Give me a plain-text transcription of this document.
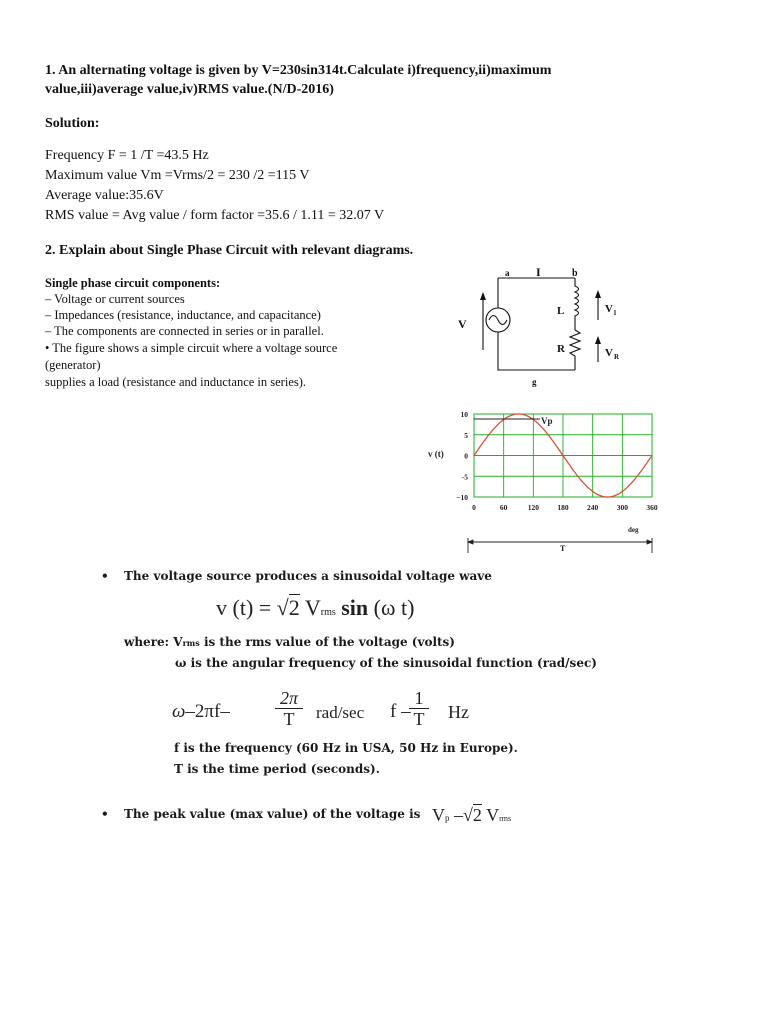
1. An alternating voltage is given by V=230sin314t.Calculate i)frequency,ii)maximum
value,iii)average value,iv)RMS value.(N/D-2016)
Solution:
Frequency F = 1 /T =43.5 Hz
Maximum value Vm =Vrms/2 = 230 /2 =115 V
Average value:35.6V
RMS value = Avg value / form factor =35.6 / 1.11 = 32.07 V
2. Explain about Single Phase Circuit with relevant diagrams.
Single phase circuit components:
– Voltage or current sources
– Impedances (resistance, inductance, and capacitance)
– The components are connected in series or in parallel.
• The figure shows a simple circuit where a voltage source
(generator)
supplies a load (resistance and inductance in series).
a I	b
V
L
R
V l
V R
g
10
5
0
-5
−10
0	60	120 180 240 300 360
v (t)
Vp
deg
T
• The voltage source produces a sinusoidal voltage wave
v (t) = √2 Vrms sin (ω t)
where: Vrms is the rms value of the voltage (volts)
ω is the angular frequency of the sinusoidal function (rad/sec)
ω–2πf–
2π
T	rad/sec f –
1
T Hz
f is the frequency (60 Hz in USA, 50 Hz in Europe).
T is the time period (seconds).
• The peak value (max value) of the voltage is Vp –√2 Vrms
